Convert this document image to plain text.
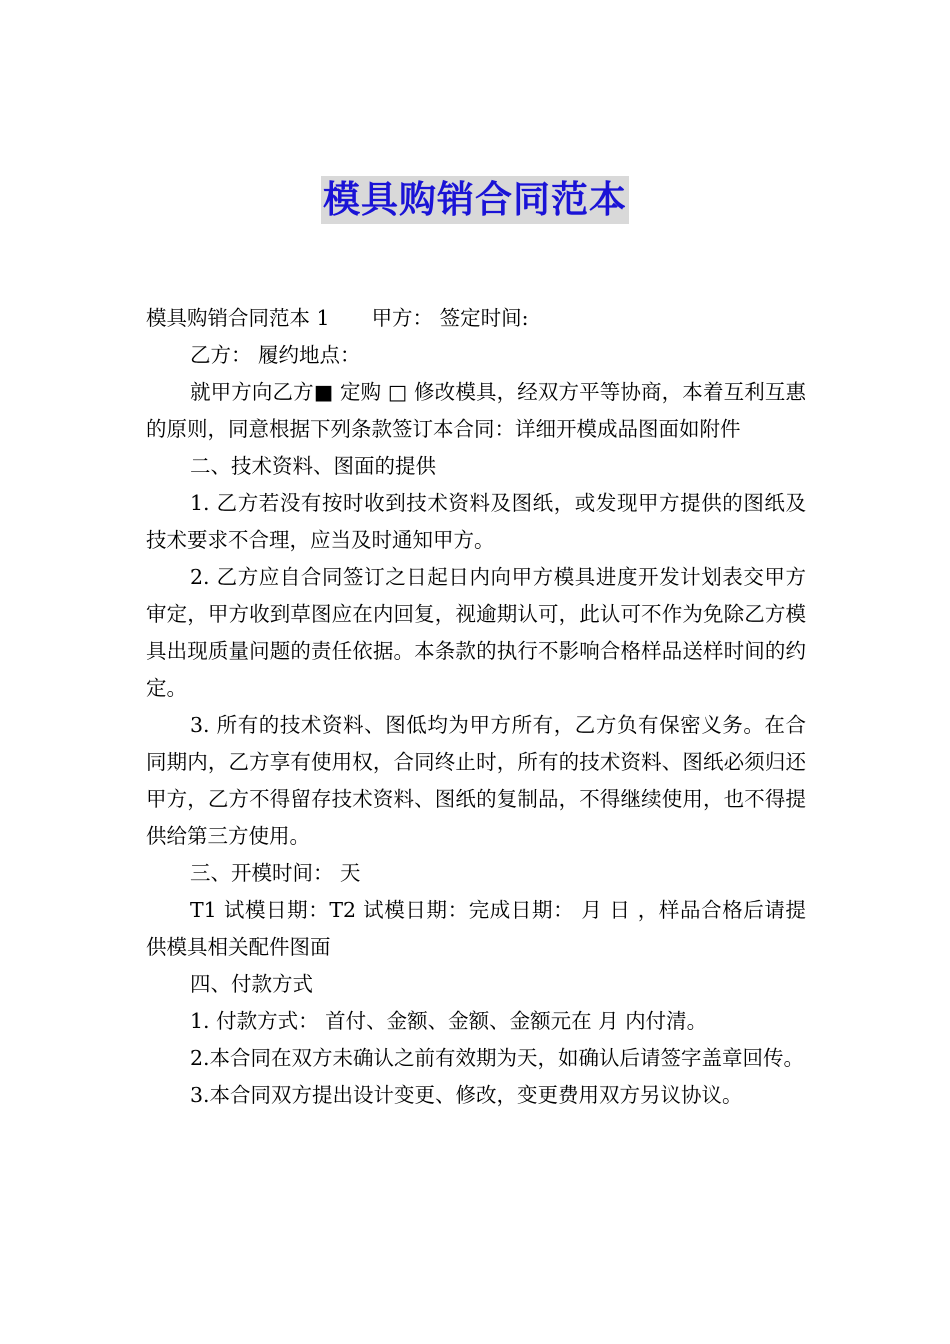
模具购销合同范本

模具购销合同范本 1 甲方： 签定时间:

乙方： 履约地点：

就甲方向乙方■ 定购 □ 修改模具，经双方平等协商，本着互利互惠的原则，同意根据下列条款签订本合同：详细开模成品图面如附件

二、技术资料、图面的提供

1. 乙方若没有按时收到技术资料及图纸，或发现甲方提供的图纸及技术要求不合理，应当及时通知甲方。

2. 乙方应自合同签订之日起日内向甲方模具进度开发计划表交甲方审定，甲方收到草图应在内回复，视逾期认可，此认可不作为免除乙方模具出现质量问题的责任依据。本条款的执行不影响合格样品送样时间的约定。

3. 所有的技术资料、图低均为甲方所有，乙方负有保密义务。在合同期内，乙方享有使用权，合同终止时，所有的技术资料、图纸必须归还甲方，乙方不得留存技术资料、图纸的复制品，不得继续使用，也不得提供给第三方使用。

三、开模时间： 天

T1 试模日期：T2 试模日期：完成日期： 月 日 ，样品合格后请提供模具相关配件图面

四、付款方式

1. 付款方式： 首付、金额、金额、金额元在 月 内付清。

2.本合同在双方未确认之前有效期为天，如确认后请签字盖章回传。

3.本合同双方提出设计变更、修改，变更费用双方另议协议。
